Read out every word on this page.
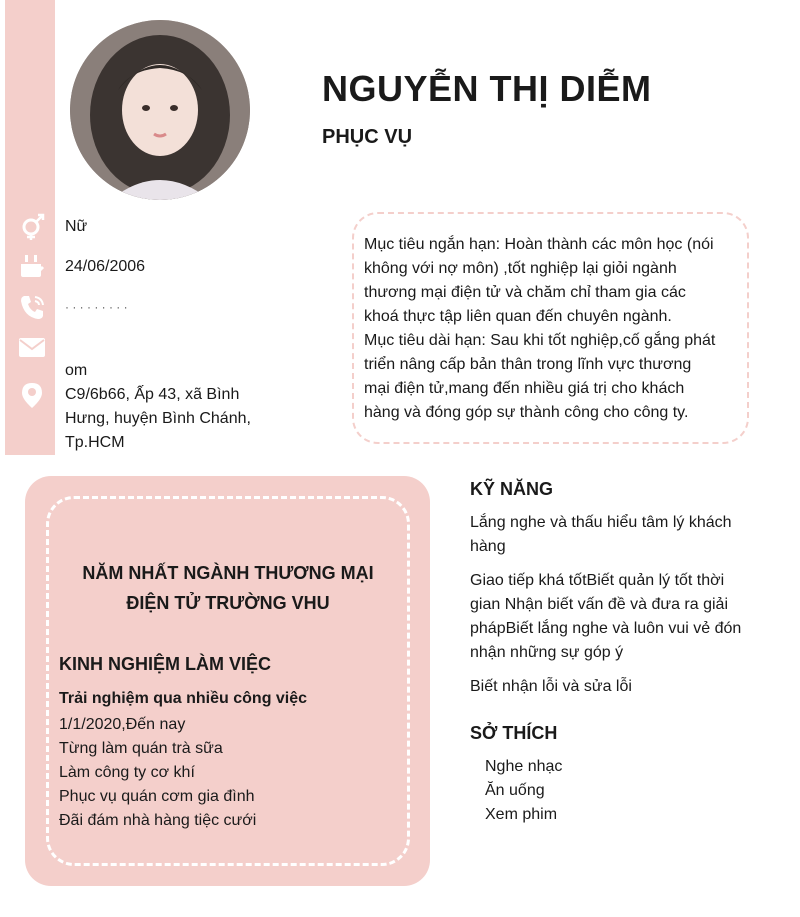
NGUYỄN THỊ DIỄM
PHỤC VỤ
Nữ
24/06/2006
· · · · · · · · ·
om
C9/6b66, Ấp 43, xã Bình
Hưng, huyện Bình Chánh,
Tp.HCM
Mục tiêu ngắn hạn: Hoàn thành các môn học (nói
không với nợ môn) ,tốt nghiệp lại giỏi ngành
thương mại điện tử và chăm chỉ tham gia các
khoá thực tập liên quan đến chuyên ngành.
Mục tiêu dài hạn: Sau khi tốt nghiệp,cố gắng phát
triển nâng cấp bản thân trong lĩnh vực thương
mại điện tử,mang đến nhiều giá trị cho khách
hàng và đóng góp sự thành công cho công ty.
NĂM NHẤT NGÀNH THƯƠNG MẠI
ĐIỆN TỬ TRƯỜNG VHU
KINH NGHIỆM LÀM VIỆC
Trải nghiệm qua nhiều công việc
1/1/2020,Đến nay
Từng làm quán trà sữa
Làm công ty cơ khí
Phục vụ quán cơm gia đình
Đãi đám nhà hàng tiệc cưới
KỸ NĂNG
Lắng nghe và thấu hiểu tâm lý khách
hàng
Giao tiếp khá tốtBiết quản lý tốt thời
gian Nhận biết vấn đề và đưa ra giải
phápBiết lắng nghe và luôn vui vẻ đón
nhận những sự góp ý
Biết nhận lỗi và sửa lỗi
SỞ THÍCH
Nghe nhạc
Ăn uống
Xem phim
